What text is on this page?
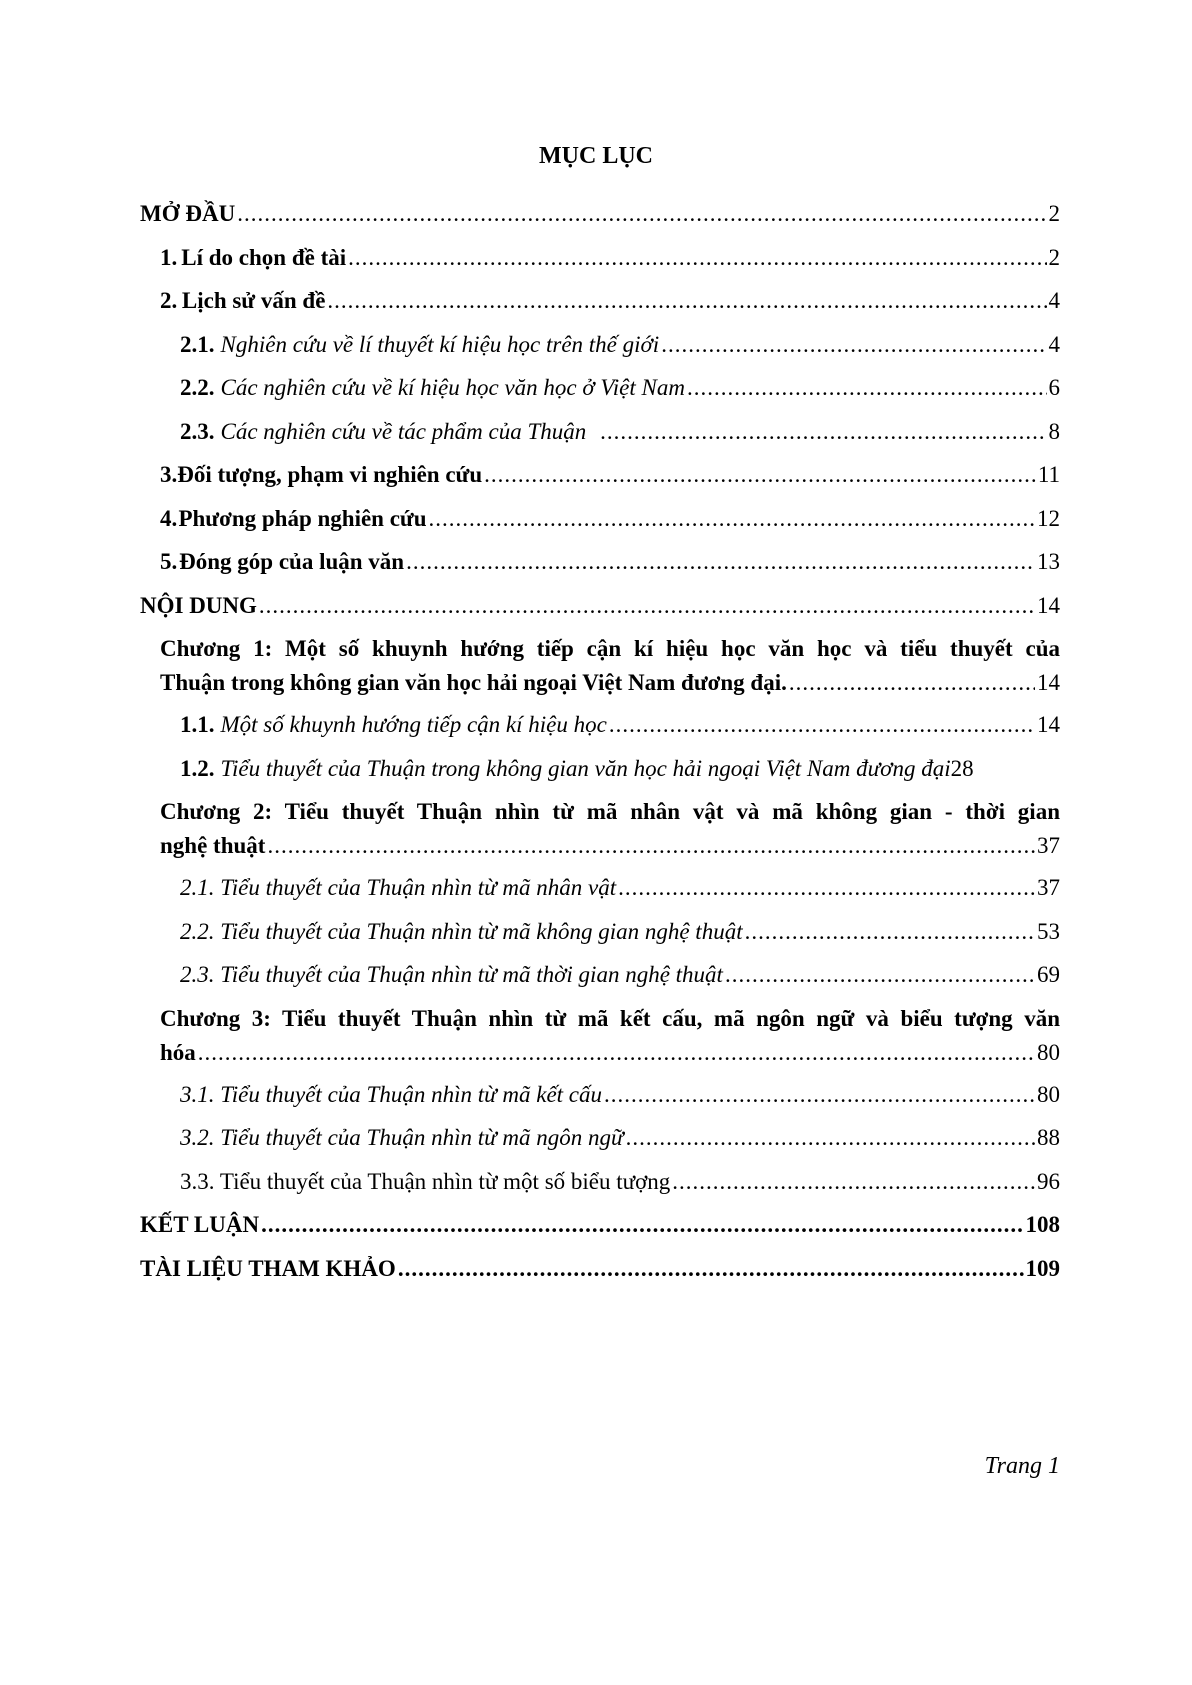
MỤC LỤC
MỞ ĐẦU .....	2
1. Lí do chọn đề tài .....	2
2. Lịch sử vấn đề .....	4
2.1. Nghiên cứu về lí thuyết kí hiệu học trên thế giới .....	4
2.2. Các nghiên cứu về kí hiệu học văn học ở Việt Nam .....	6
2.3. Các nghiên cứu về tác phẩm của Thuận .....	8
3. Đối tượng, phạm vi nghiên cứu .....	11
4. Phương pháp nghiên cứu .....	12
5. Đóng góp của luận văn .....	13
NỘI DUNG .....	14
Chương 1: Một số khuynh hướng tiếp cận kí hiệu học văn học và tiểu thuyết của
Thuận trong không gian văn học hải ngoại Việt Nam đương đại. .....	14
1.1. Một số khuynh hướng tiếp cận kí hiệu học .....	14
1.2. Tiểu thuyết của Thuận trong không gian văn học hải ngoại Việt Nam đương đại 28
Chương 2: Tiểu thuyết Thuận nhìn từ mã nhân vật và mã không gian - thời gian
nghệ thuật .....	37
2.1. Tiểu thuyết của Thuận nhìn từ mã nhân vật .....	37
2.2. Tiểu thuyết của Thuận nhìn từ mã không gian nghệ thuật .....	53
2.3. Tiểu thuyết của Thuận nhìn từ mã thời gian nghệ thuật .....	69
Chương 3: Tiểu thuyết Thuận nhìn từ mã kết cấu, mã ngôn ngữ và biểu tượng văn
hóa .....	80
3.1. Tiểu thuyết của Thuận nhìn từ mã kết cấu .....	80
3.2. Tiểu thuyết của Thuận nhìn từ mã ngôn ngữ .....	88
3.3. Tiểu thuyết của Thuận nhìn từ một số biểu tượng .....	96
KẾT LUẬN .....	108
TÀI LIỆU THAM KHẢO .....	109
Trang 1
